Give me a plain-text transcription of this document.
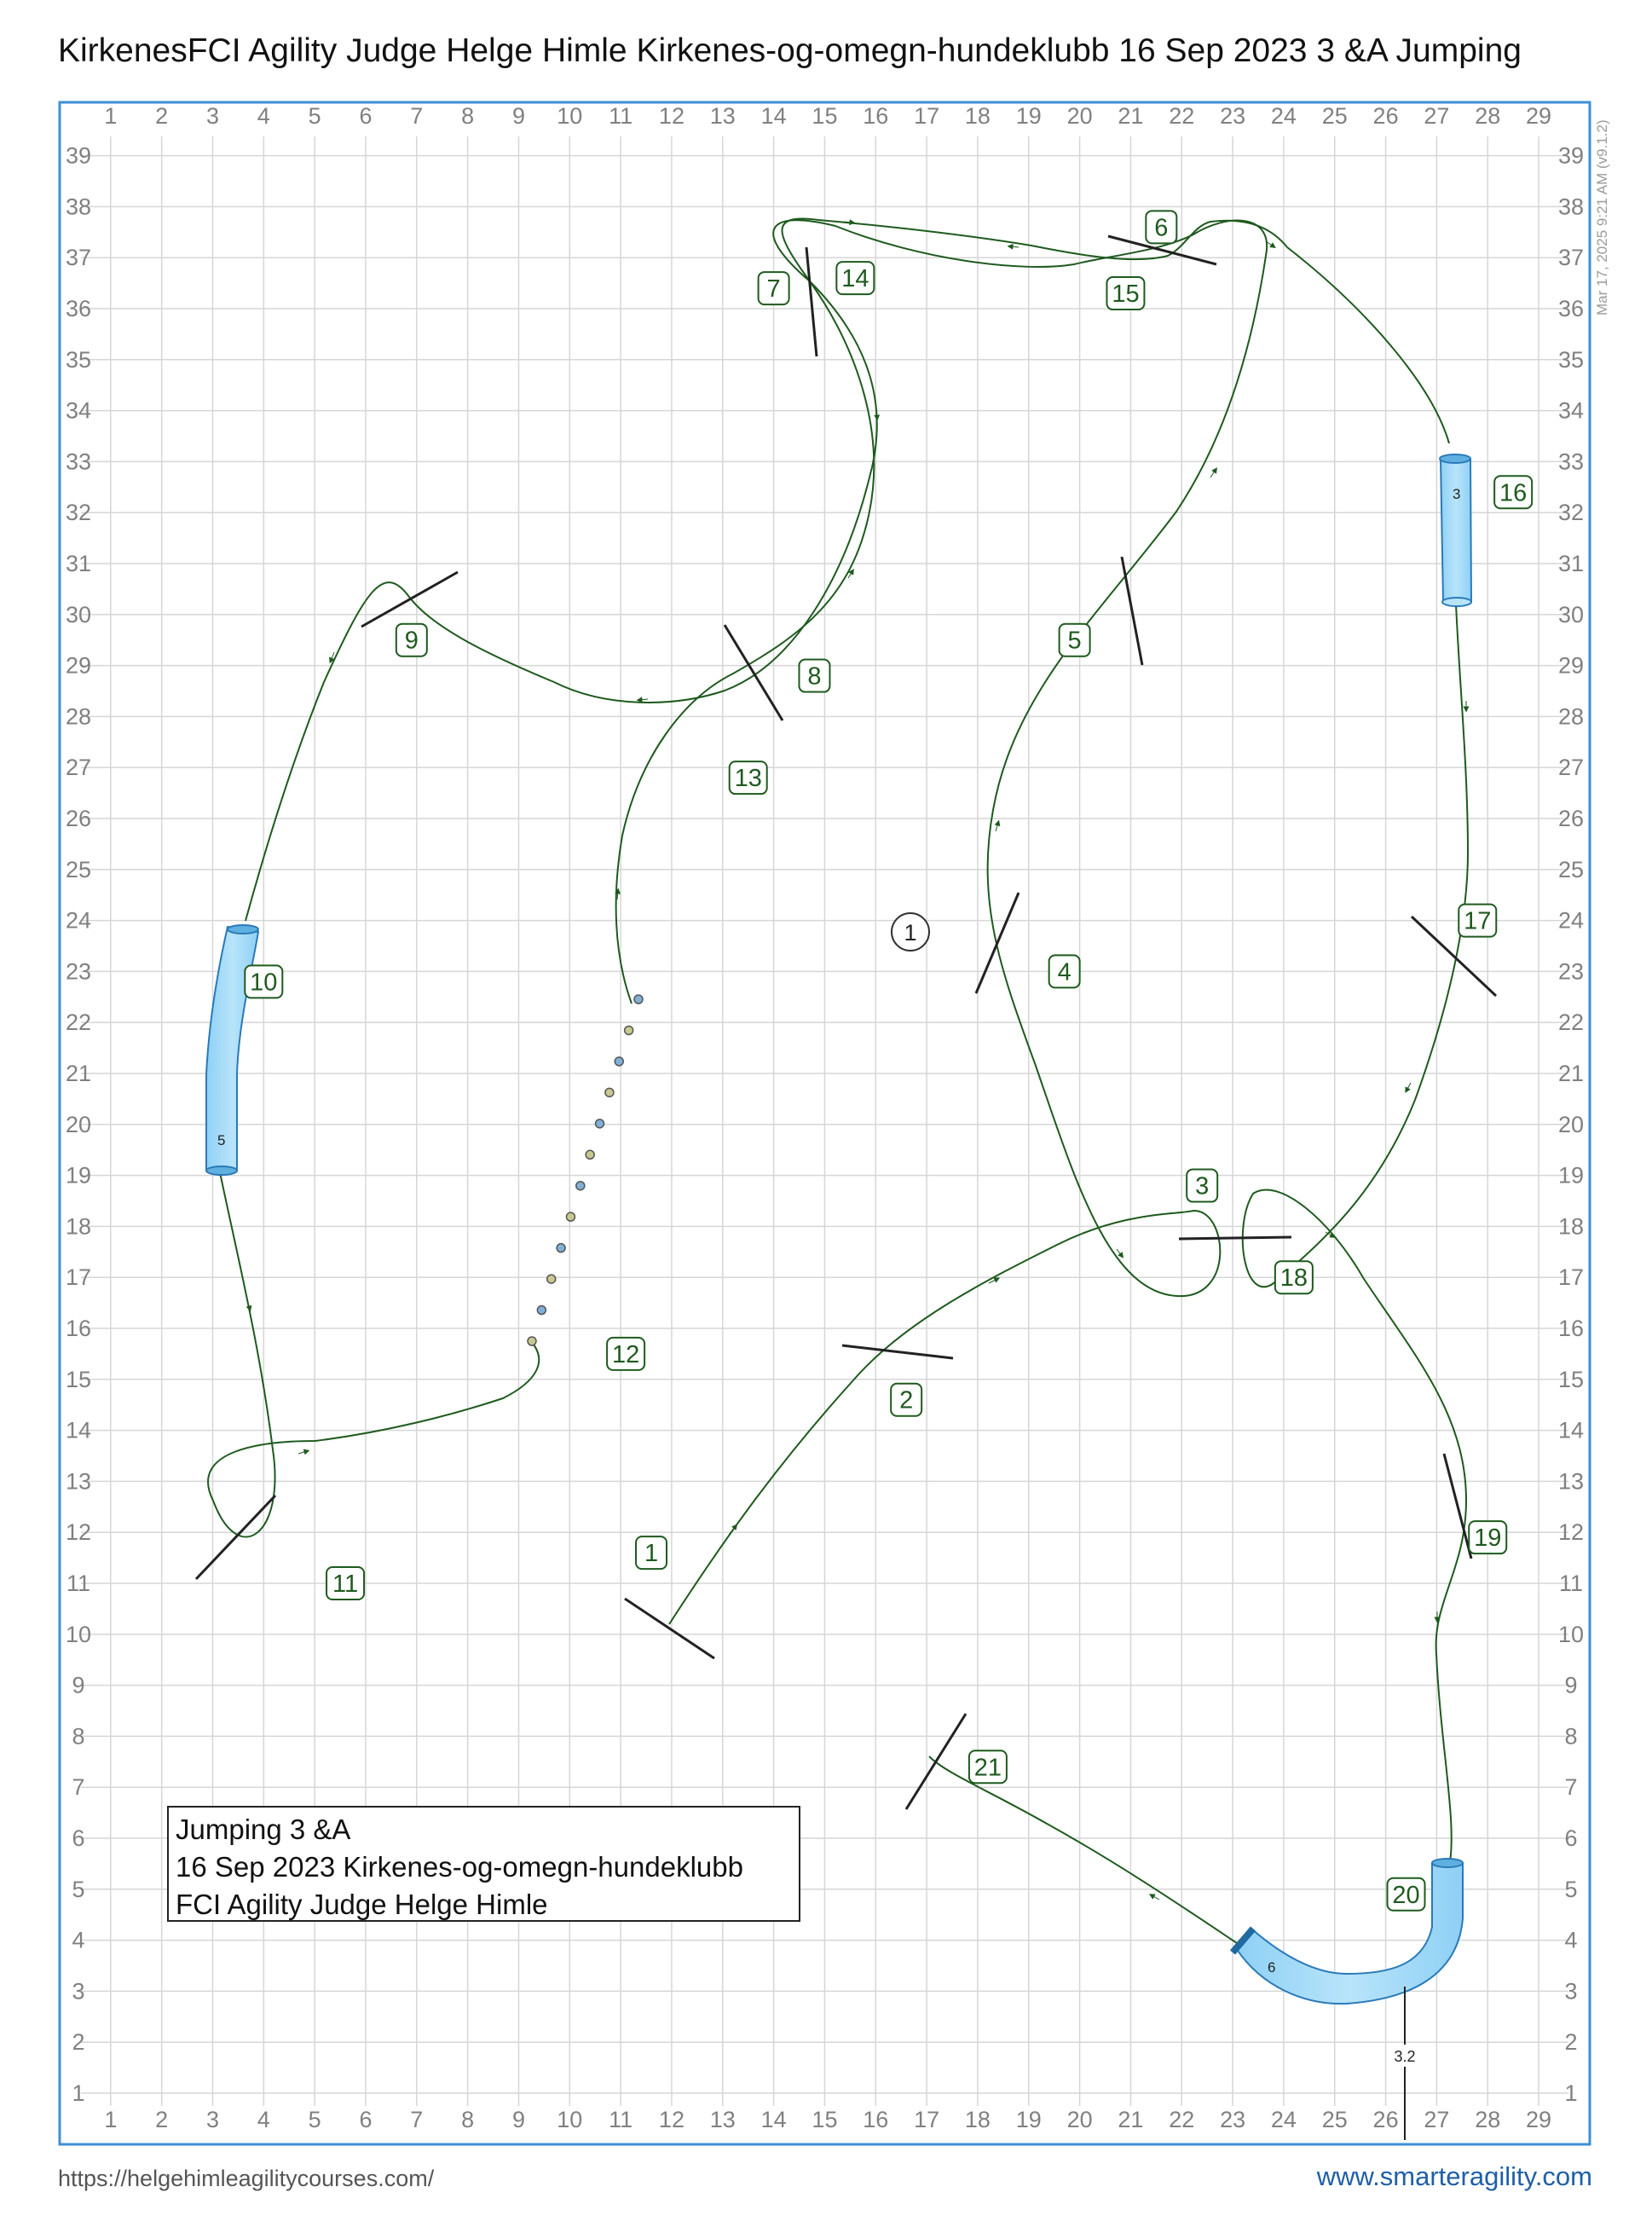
KirkenesFCI Agility Judge Helge Himle Kirkenes-og-omegn-hundeklubb 16 Sep 2023 3 &A Jumping
Mar 17, 2025 9:21 AM (v9.1.2)
1
1
2
2
3
3
4
4
5
5
6
6
7
7
8
8
9
9
10
10
11
11
12
12
13
13
14
14
15
15
16
16
17
17
18
18
19
19
20
20
21
21
22
22
23
23
24
24
25
25
26
26
27
27
28
28
29
29
1	1
2	2
3	3
4	4
5	5
6	6
7	7
8	8
9	9
10	10
11	11
12	12
13	13
14	14
15	15
16	16
17	17
18	18
19	19
20	20
21	21
22	22
23	23
24	24
25	25
26	26
27	27
28	28
29	29
30	30
31	31
32	32
33	33
34	34
35	35
36	36
37	37
38	38
39	39
3
5
6
3.2
1
1
2
3
4
5
6
7
8
9
10
11
12
13
14
15
16
17
18
19
20
21
Jumping 3 &A
16 Sep 2023 Kirkenes-og-omegn-hundeklubb
FCI Agility Judge Helge Himle
https://helgehimleagilitycourses.com/	www.smarteragility.com
